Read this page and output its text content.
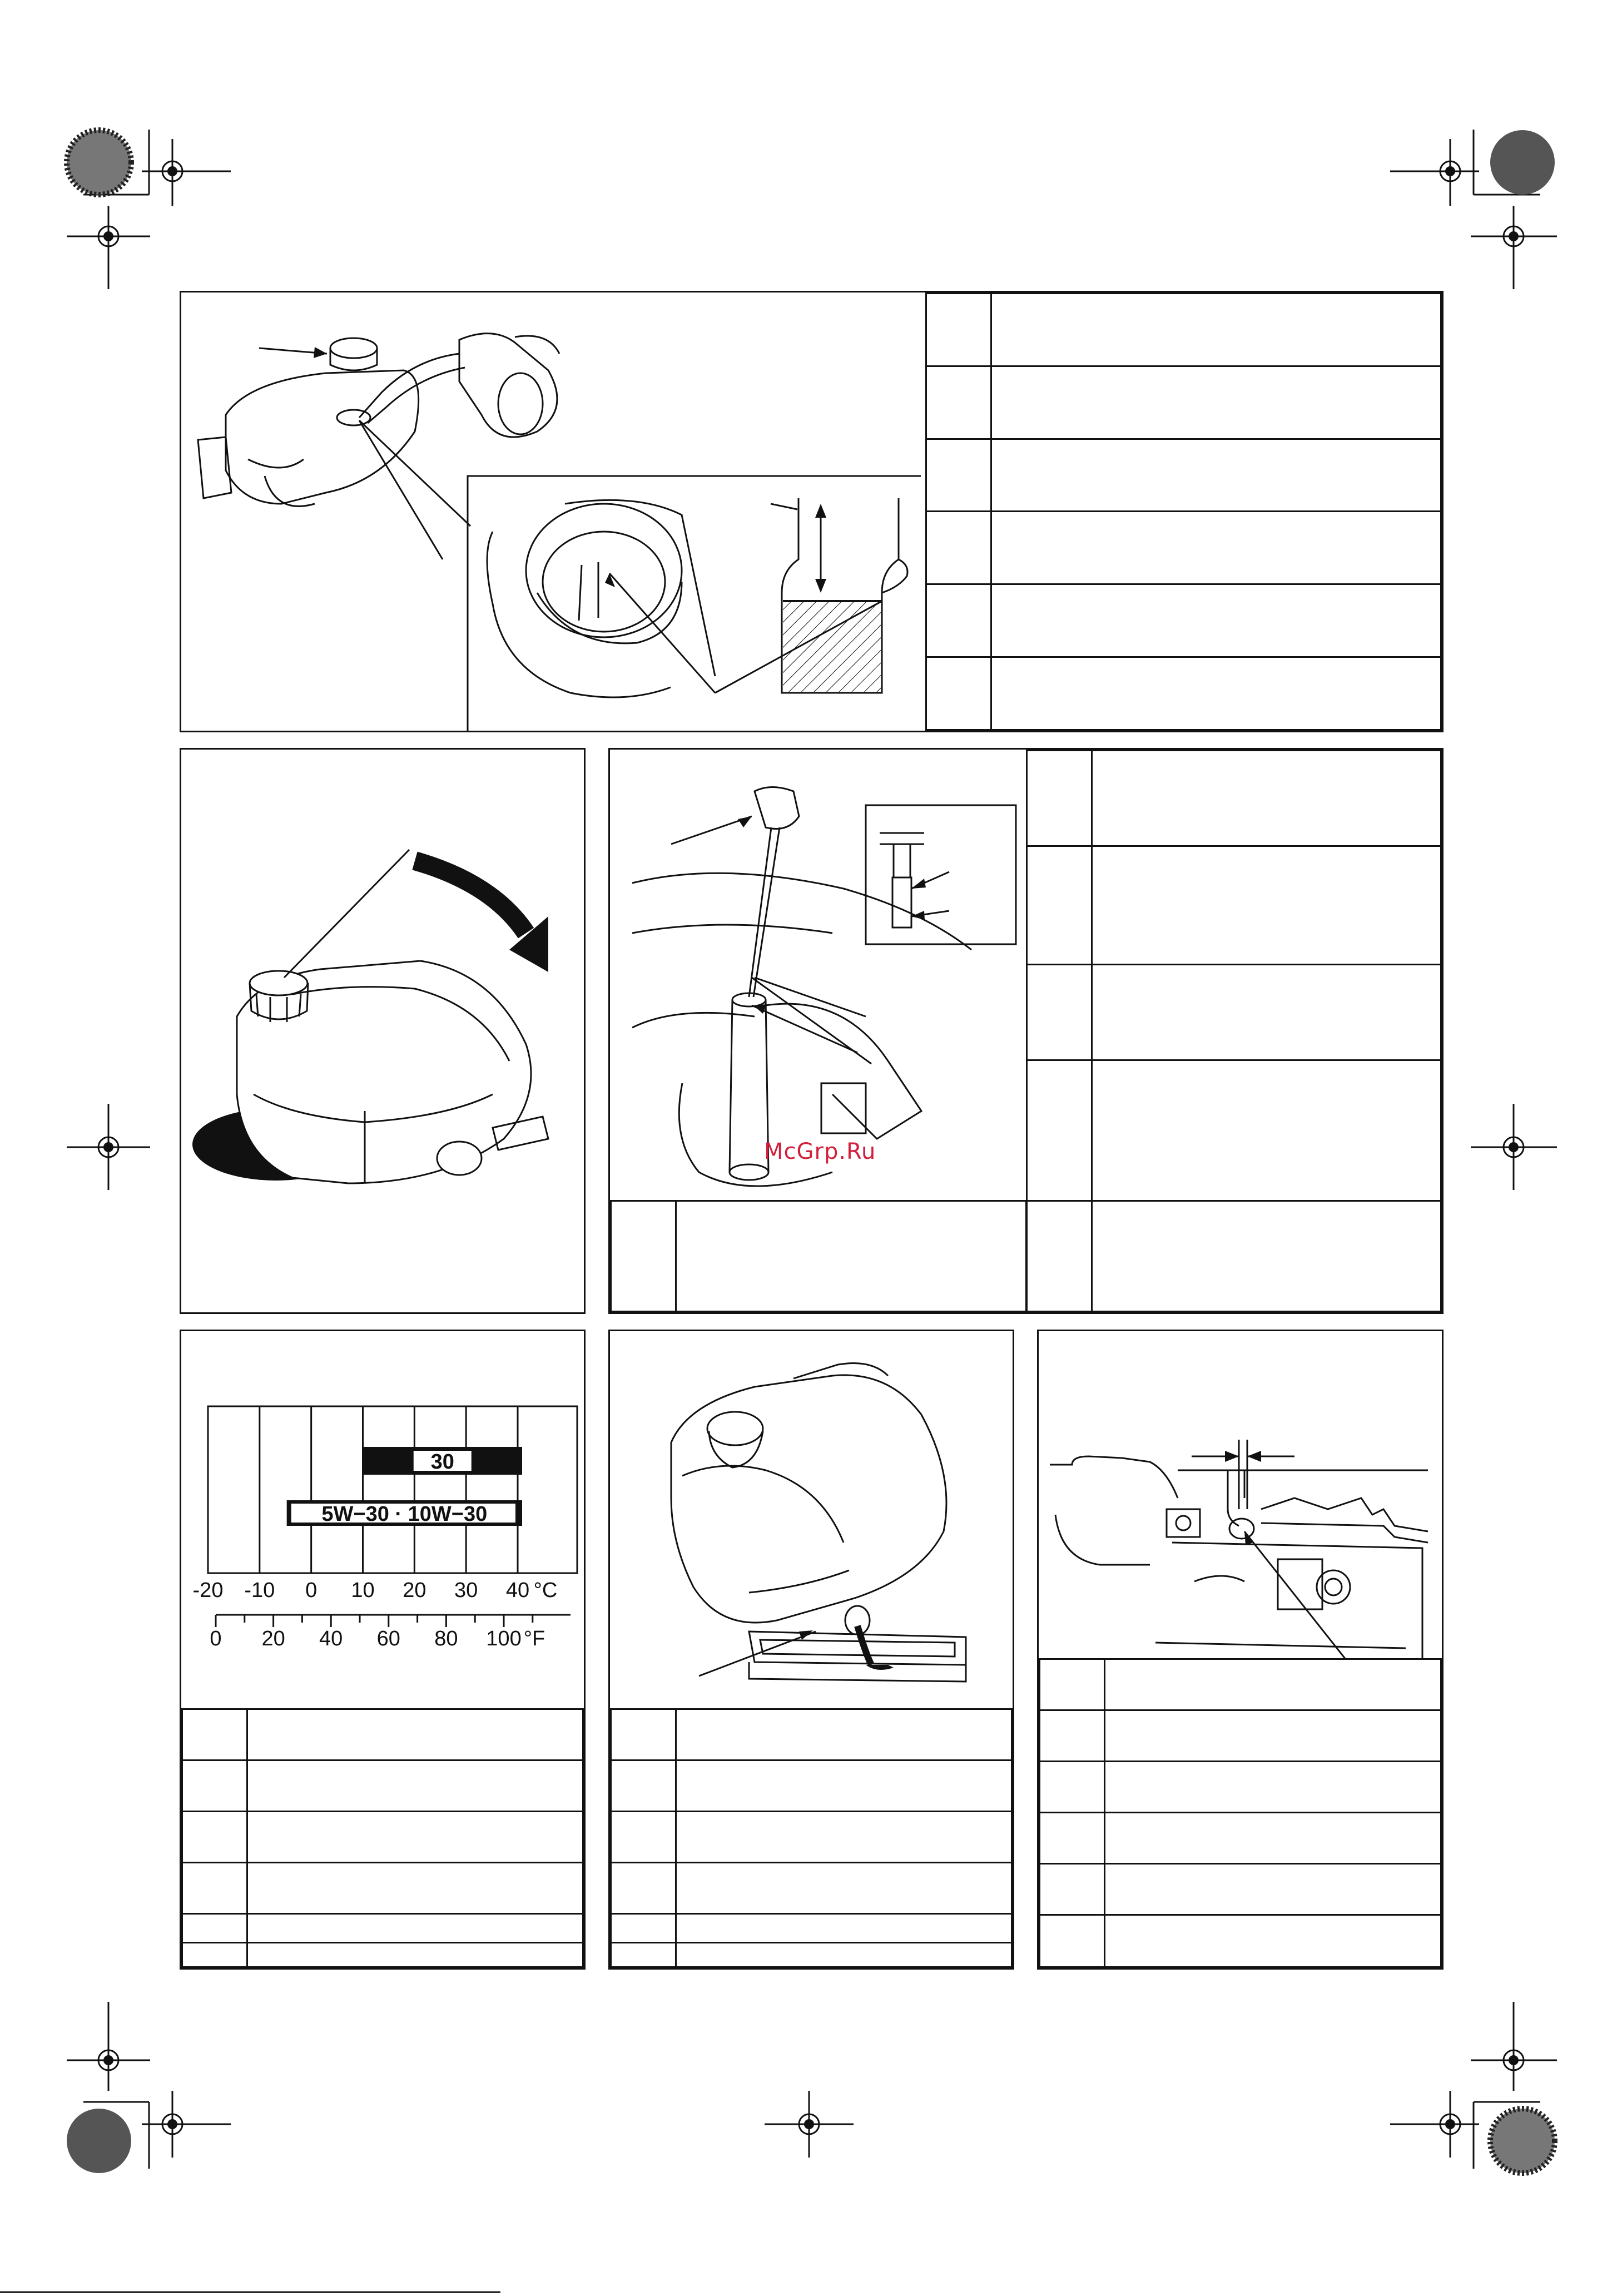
McGrp.Ru

30
5W−30 · 10W−30
-20 -10 0 10 20 30 40 °C
0 20 40 60 80 100 °F
